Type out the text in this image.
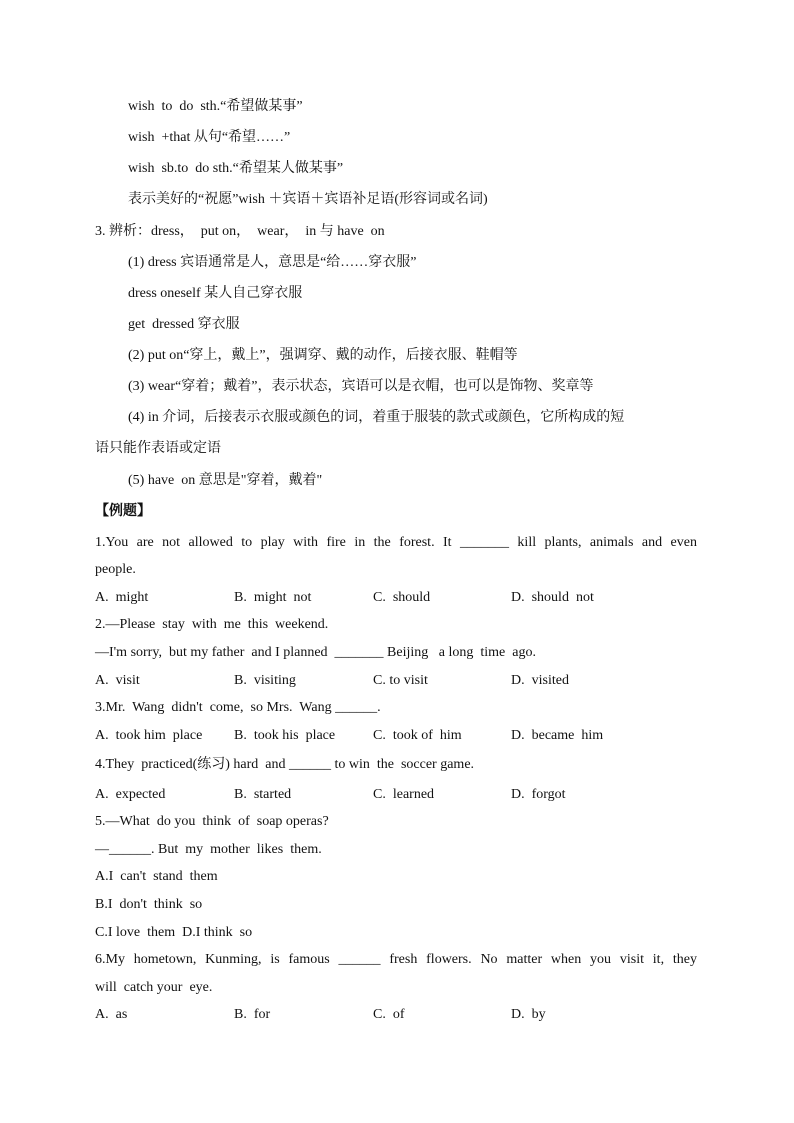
wish  to  do  sth.“希望做某事”
wish  +that 从句“希望……”
wish  sb.to  do sth.“希望某人做某事”
表示美好的“祝愿”wish ＋宾语＋宾语补足语(形容词或名词)
3. 辨析：dress，  put on，  wear，  in 与 have  on
(1) dress 宾语通常是人，意思是“给……穿衣服”
dress oneself 某人自己穿衣服
get  dressed 穿衣服
(2) put on“穿上，戴上”，强调穿、戴的动作，后接衣服、鞋帽等
(3) wear“穿着；戴着”，表示状态，宾语可以是衣帽，也可以是饰物、奖章等
(4) in 介词，后接表示衣服或颜色的词，着重于服装的款式或颜色，它所构成的短
语只能作表语或定语
(5) have  on 意思是"穿着，戴着"
【例题】
1.You are not allowed to play with fire in the forest. It _______ kill plants, animals and even
people.
A.  might	B.  might  not	C.  should	D.  should  not
2.—Please  stay  with  me  this  weekend.
—I'm sorry,  but my father  and I planned  _______ Beijing   a long  time  ago.
A.  visit	B.  visiting	C. to visit	D.  visited
3.Mr.  Wang  didn't  come,  so Mrs.  Wang ______.
A.  took him  place B.  took his  place	C.  took of  him	D.  became  him
4.They  practiced(练习) hard  and ______ to win  the  soccer game.
A.  expected	B.  started	C.  learned	D.  forgot
5.—What  do you  think  of  soap operas?
—______. But  my  mother  likes  them.
A.I  can't  stand  them
B.I  don't  think  so
C.I love  them  D.I think  so
6.My hometown, Kunming, is famous ______ fresh flowers. No matter when you visit it, they
will  catch your  eye.
A.  as	B.  for	C.  of	D.  by
